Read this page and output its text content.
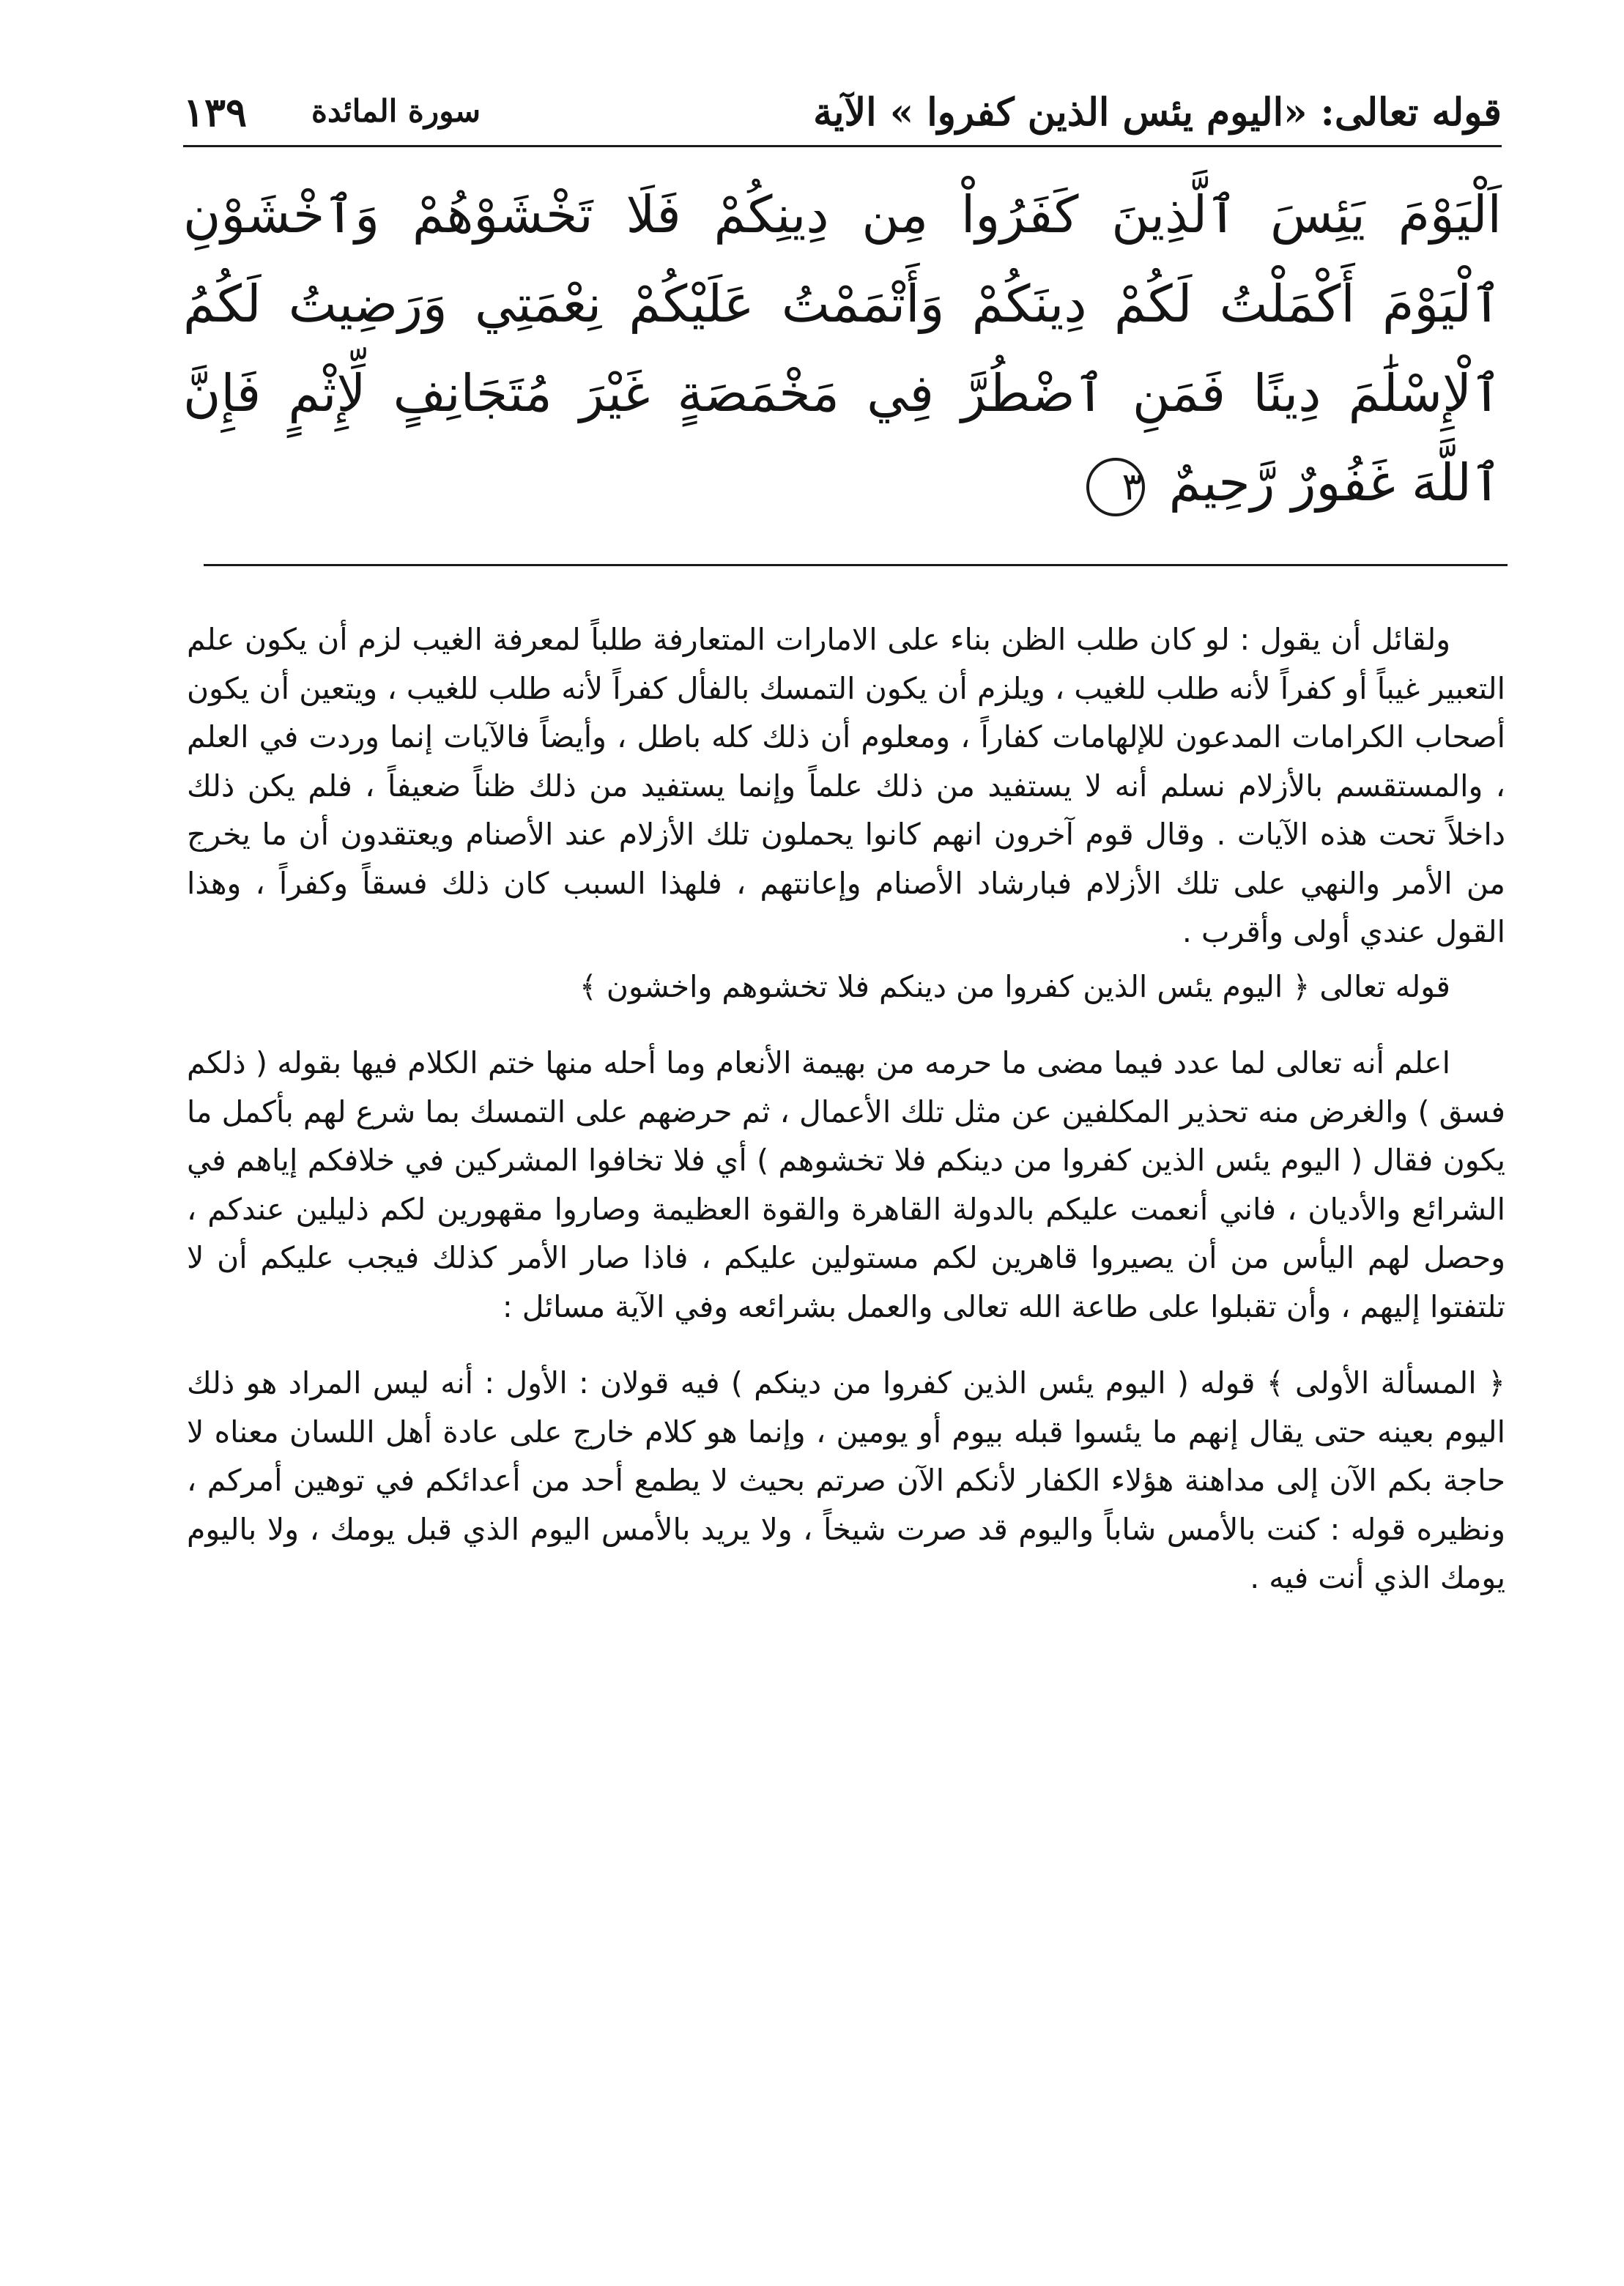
قوله تعالى: «اليوم يئس الذين كفروا » الآية
سورة المائدة
١٣٩
اَلْيَوْمَ يَئِسَ ٱلَّذِينَ كَفَرُواْ مِن دِينِكُمْ فَلَا تَخْشَوْهُمْ وَٱخْشَوْنِ ٱلْيَوْمَ أَكْمَلْتُ لَكُمْ دِينَكُمْ وَأَتْمَمْتُ عَلَيْكُمْ نِعْمَتِي وَرَضِيتُ لَكُمُ ٱلْإِسْلَٰمَ دِينًا فَمَنِ ٱضْطُرَّ فِي مَخْمَصَةٍ غَيْرَ مُتَجَانِفٍ لِّإِثْمٍ فَإِنَّ ٱللَّهَ غَفُورٌ رَّحِيمٌ ٣

ولقائل أن يقول : لو كان طلب الظن بناء على الامارات المتعارفة طلباً لمعرفة الغيب لزم أن يكون علم التعبير غيباً أو كفراً لأنه طلب للغيب ، ويلزم أن يكون التمسك بالفأل كفراً لأنه طلب للغيب ، ويتعين أن يكون أصحاب الكرامات المدعون للإلهامات كفاراً ، ومعلوم أن ذلك كله باطل ، وأيضاً فالآيات إنما وردت في العلم ، والمستقسم بالأزلام نسلم أنه لا يستفيد من ذلك علماً وإنما يستفيد من ذلك ظناً ضعيفاً ، فلم يكن ذلك داخلاً تحت هذه الآيات . وقال قوم آخرون انهم كانوا يحملون تلك الأزلام عند الأصنام ويعتقدون أن ما يخرج من الأمر والنهي على تلك الأزلام فبارشاد الأصنام وإعانتهم ، فلهذا السبب كان ذلك فسقاً وكفراً ، وهذا القول عندي أولى وأقرب .

قوله تعالى ﴿ اليوم يئس الذين كفروا من دينكم فلا تخشوهم واخشون ﴾

اعلم أنه تعالى لما عدد فيما مضى ما حرمه من بهيمة الأنعام وما أحله منها ختم الكلام فيها بقوله ( ذلكم فسق ) والغرض منه تحذير المكلفين عن مثل تلك الأعمال ، ثم حرضهم على التمسك بما شرع لهم بأكمل ما يكون فقال ( اليوم يئس الذين كفروا من دينكم فلا تخشوهم ) أي فلا تخافوا المشركين في خلافكم إياهم في الشرائع والأديان ، فاني أنعمت عليكم بالدولة القاهرة والقوة العظيمة وصاروا مقهورين لكم ذليلين عندكم ، وحصل لهم اليأس من أن يصيروا قاهرين لكم مستولين عليكم ، فاذا صار الأمر كذلك فيجب عليكم أن لا تلتفتوا إليهم ، وأن تقبلوا على طاعة الله تعالى والعمل بشرائعه وفي الآية مسائل :

﴿ المسألة الأولى ﴾ قوله ( اليوم يئس الذين كفروا من دينكم ) فيه قولان : الأول : أنه ليس المراد هو ذلك اليوم بعينه حتى يقال إنهم ما يئسوا قبله بيوم أو يومين ، وإنما هو كلام خارج على عادة أهل اللسان معناه لا حاجة بكم الآن إلى مداهنة هؤلاء الكفار لأنكم الآن صرتم بحيث لا يطمع أحد من أعدائكم في توهين أمركم ، ونظيره قوله : كنت بالأمس شاباً واليوم قد صرت شيخاً ، ولا يريد بالأمس اليوم الذي قبل يومك ، ولا باليوم يومك الذي أنت فيه .
